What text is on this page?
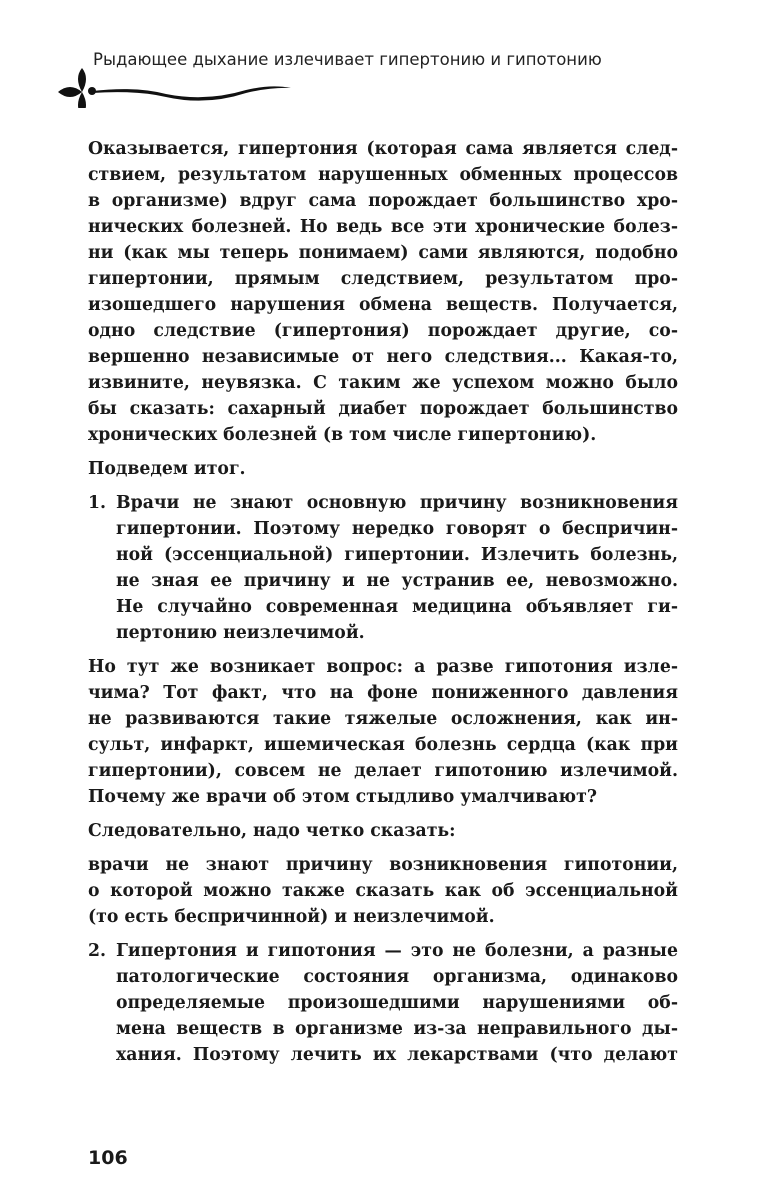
Рыдающее дыхание излечивает гипертонию и гипотонию
Оказывается, гипертония (которая сама является след-
ствием, результатом нарушенных обменных процессов
в организме) вдруг сама порождает большинство хро-
нических болезней. Но ведь все эти хронические болез-
ни (как мы теперь понимаем) сами являются, подобно
гипертонии, прямым следствием, результатом про-
изошедшего нарушения обмена веществ. Получается,
одно следствие (гипертония) порождает другие, со-
вершенно независимые от него следствия... Какая-то,
извините, неувязка. С таким же успехом можно было
бы сказать: сахарный диабет порождает большинство
хронических болезней (в том числе гипертонию).
Подведем итог.
1. Врачи не знают основную причину возникновения
гипертонии. Поэтому нередко говорят о беспричин-
ной (эссенциальной) гипертонии. Излечить болезнь,
не зная ее причину и не устранив ее, невозможно.
Не случайно современная медицина объявляет ги-
пертонию неизлечимой.
Но тут же возникает вопрос: а разве гипотония изле-
чима? Тот факт, что на фоне пониженного давления
не развиваются такие тяжелые осложнения, как ин-
сульт, инфаркт, ишемическая болезнь сердца (как при
гипертонии), совсем не делает гипотонию излечимой.
Почему же врачи об этом стыдливо умалчивают?
Следовательно, надо четко сказать:
врачи не знают причину возникновения гипотонии,
о которой можно также сказать как об эссенциальной
(то есть беспричинной) и неизлечимой.
2. Гипертония и гипотония — это не болезни, а разные
патологические состояния организма, одинаково
определяемые произошедшими нарушениями об-
мена веществ в организме из-за неправильного ды-
хания. Поэтому лечить их лекарствами (что делают
106
